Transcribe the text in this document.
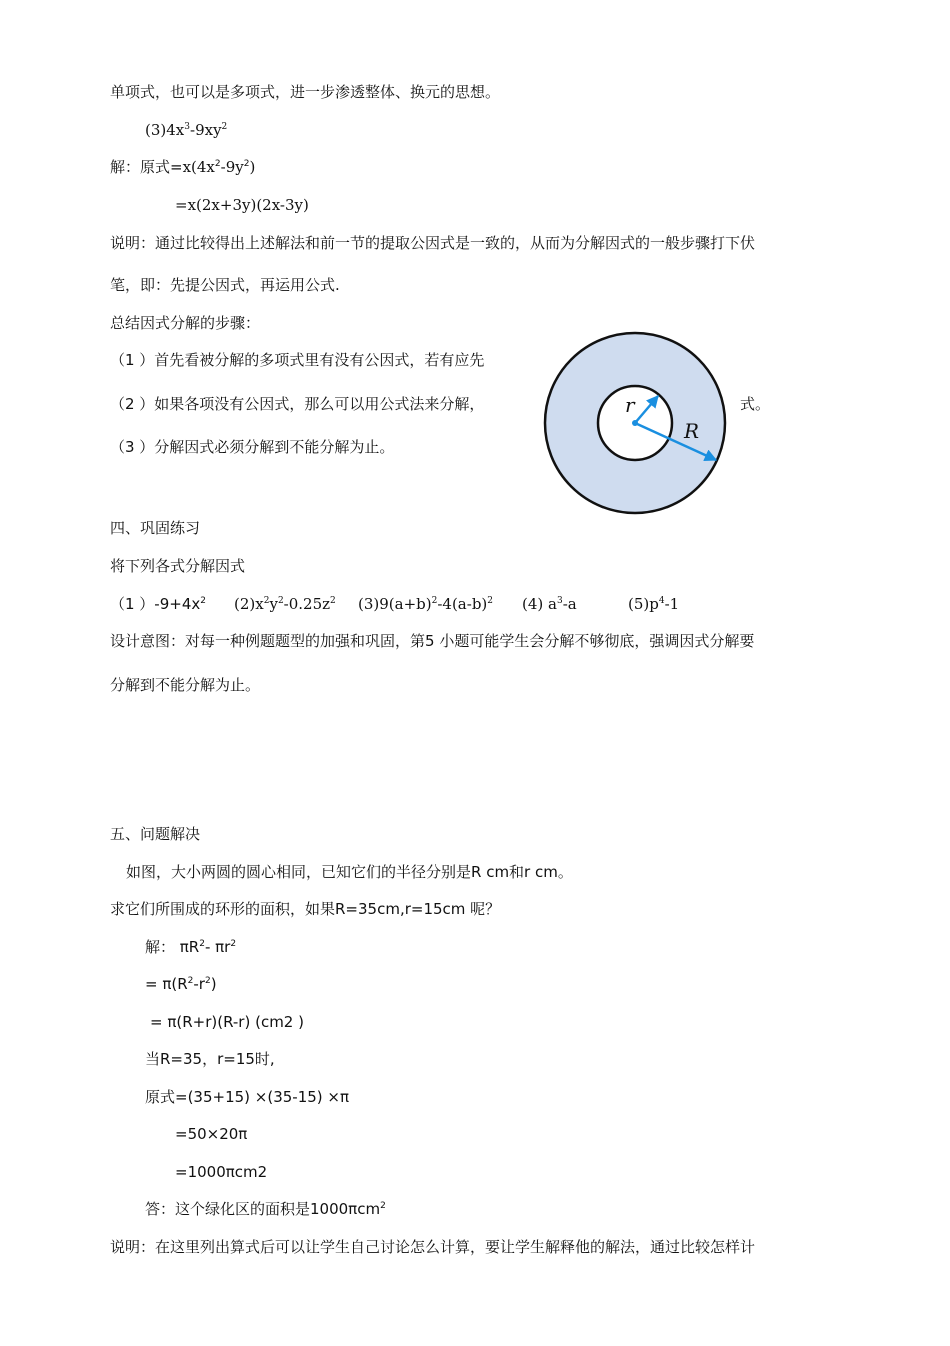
单项式，也可以是多项式，进一步渗透整体、换元的思想。
$(3)4x^3-9xy^2$
解：原式$=x(4x^2-9y^2)$
=x(2x+3y)(2x-3y)
说明：通过比较得出上述解法和前一节的提取公因式是一致的，从而为分解因式的一般步骤打下伏
笔，即：先提公因式，再运用公式.
总结因式分解的步骤：
（1 ）首先看被分解的多项式里有没有公因式，若有应先
（2 ）如果各项没有公因式，那么可以用公式法来分解，	式。
（3 ）分解因式必须分解到不能分解为止。
r
R
四、巩固练习
将下列各式分解因式
（1 ）$-9+4x^2$ $(2)x^2y^2-0.25z^2$ $(3)9(a+b)^2-4(a-b)^2$ (4) $a^3-a$	$(5)p^4-1$
设计意图：对每一种例题题型的加强和巩固，第5 小题可能学生会分解不够彻底，强调因式分解要
分解到不能分解为止。
五、问题解决
如图，大小两圆的圆心相同，已知它们的半径分别是R cm和r cm。
求它们所围成的环形的面积，如果R=35cm,r=15cm 呢？
解： $\pi R^2-$ $\pi r^2$
= $\pi(R^2-r^2)$
= π(R+r)(R-r) (cm2 )
当R=35，r=15时,
原式=(35+15) ×(35-15) ×π
=50×20π
=1000πcm2
答：这个绿化区的面积是1000πcm$^2$
说明：在这里列出算式后可以让学生自己讨论怎么计算，要让学生解释他的解法，通过比较怎样计
